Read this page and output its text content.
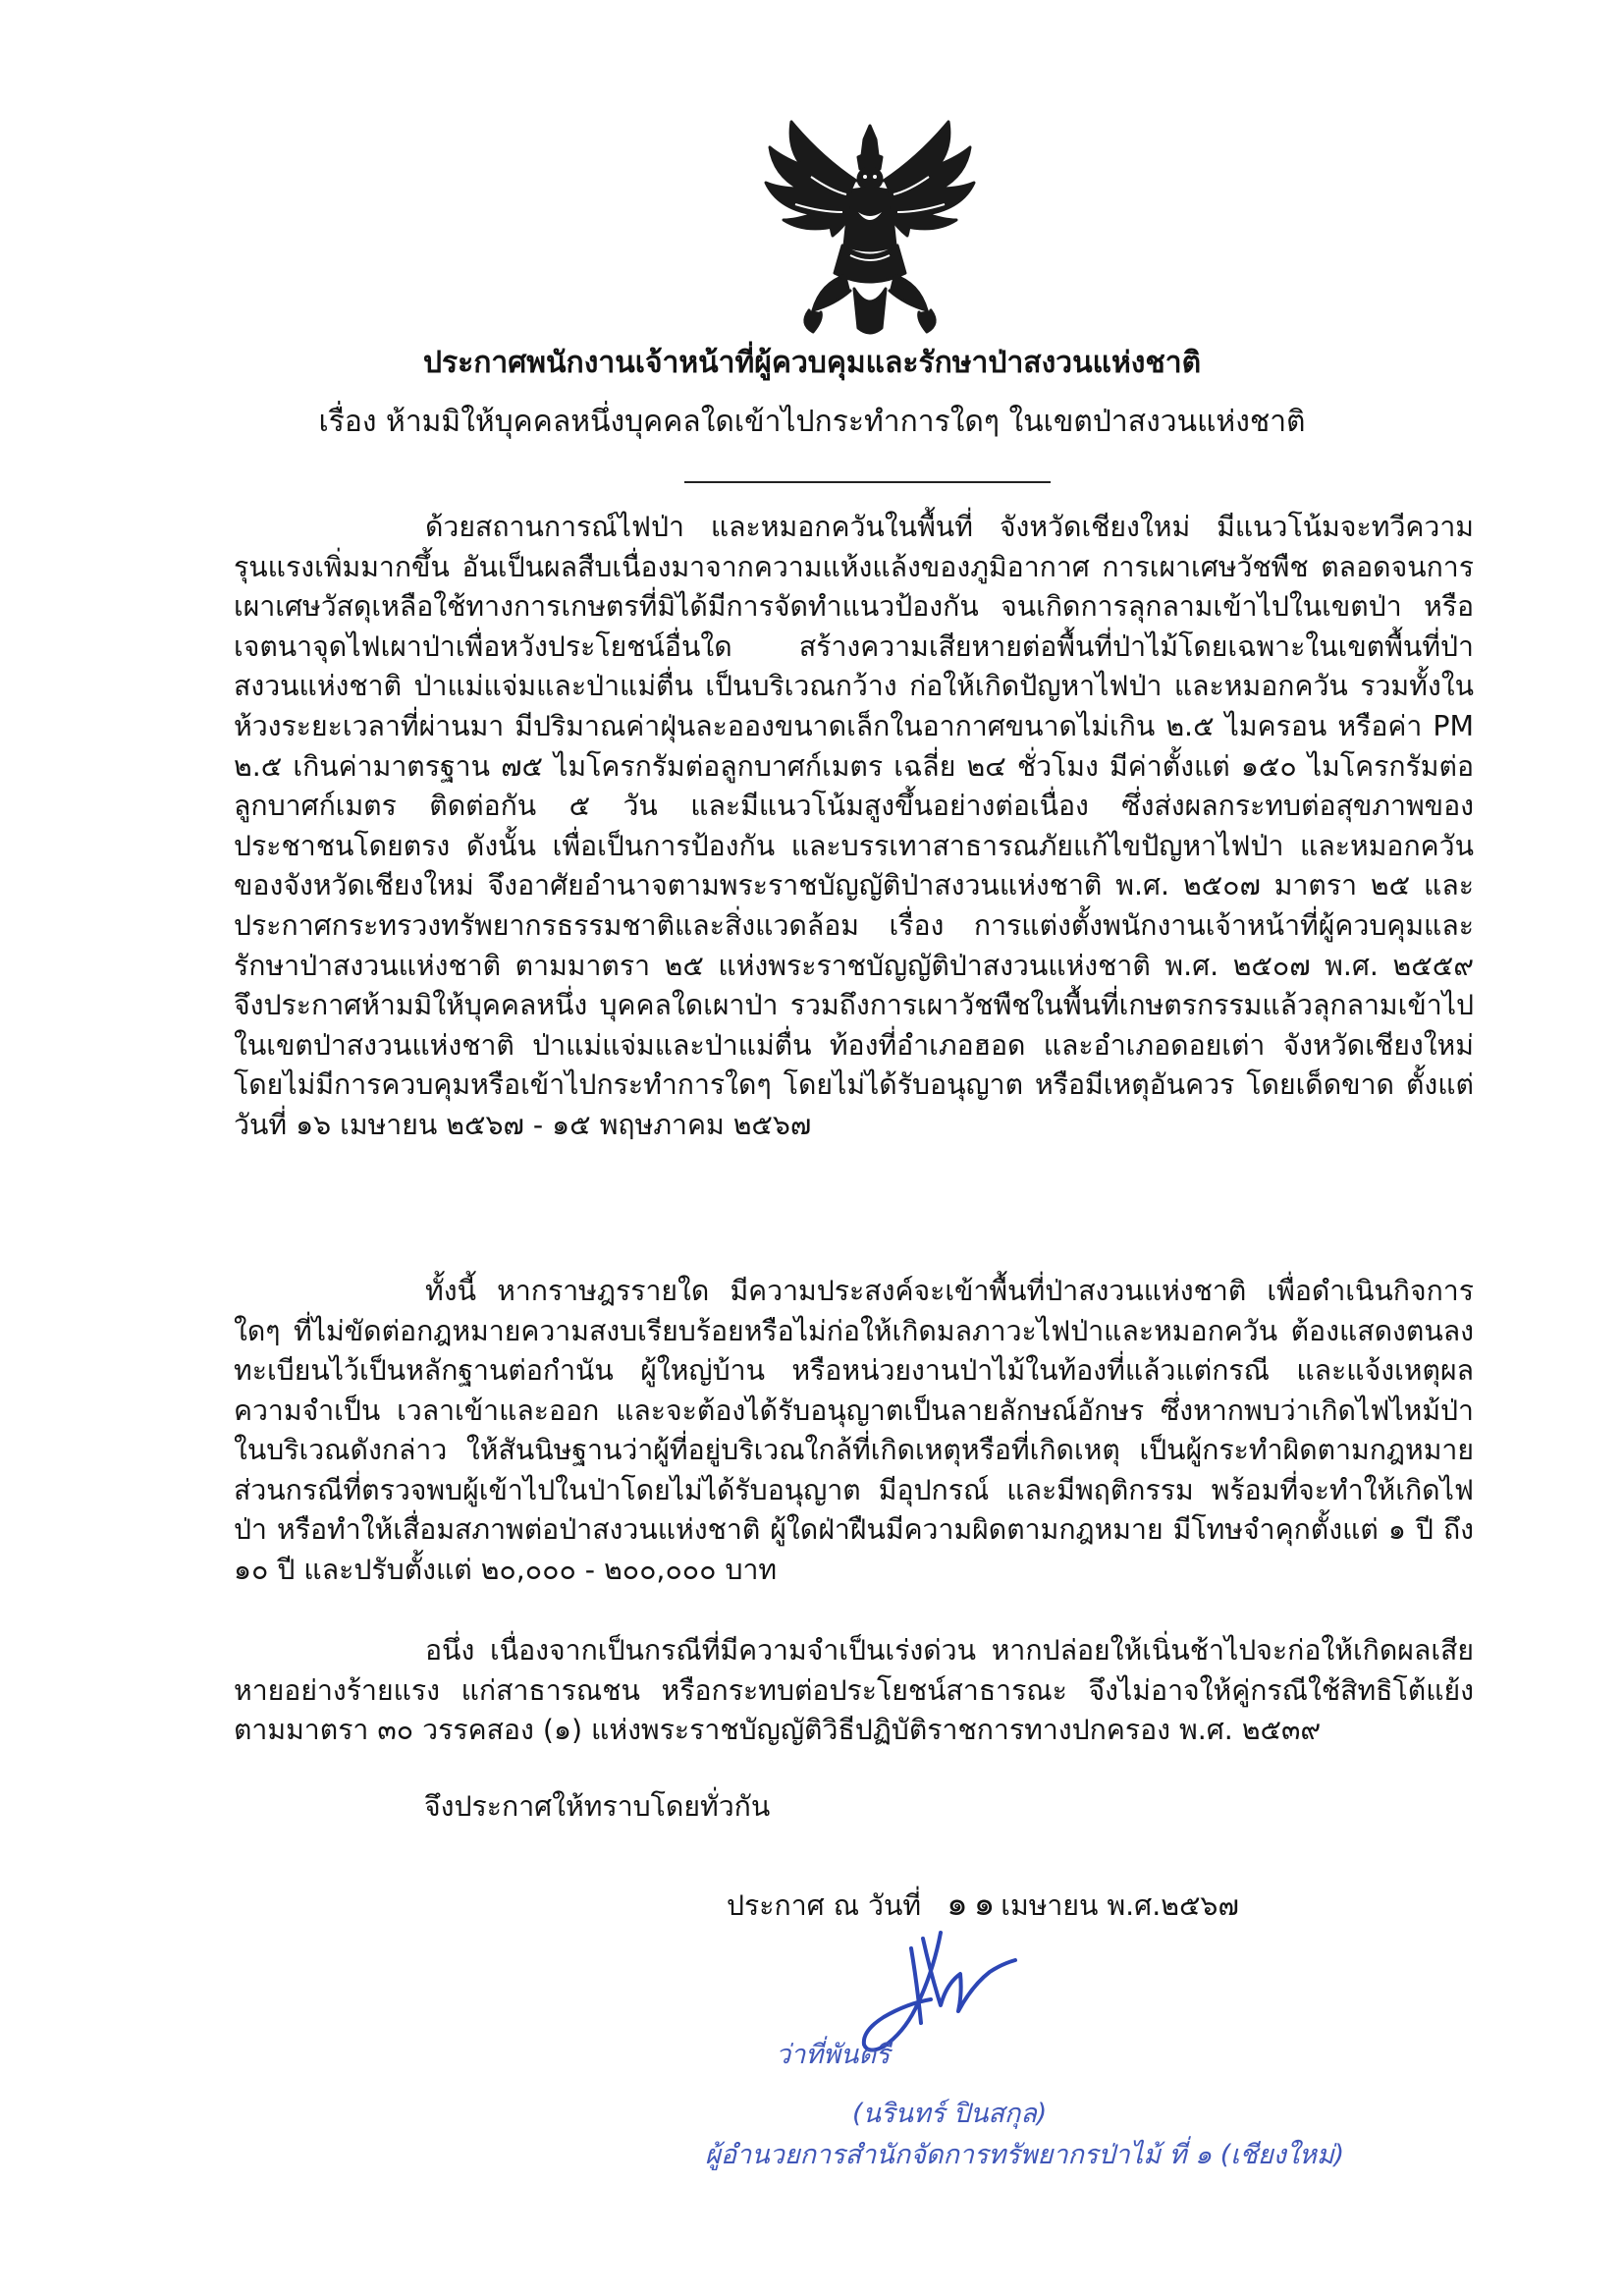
ประกาศพนักงานเจ้าหน้าที่ผู้ควบคุมและรักษาป่าสงวนแห่งชาติ
เรื่อง ห้ามมิให้บุคคลหนึ่งบุคคลใดเข้าไปกระทำการใดๆ ในเขตป่าสงวนแห่งชาติ

ด้วยสถานการณ์ไฟป่า และหมอกควันในพื้นที่ จังหวัดเชียงใหม่ มีแนวโน้มจะทวีความรุนแรงเพิ่มมากขึ้น อันเป็นผลสืบเนื่องมาจากความแห้งแล้งของภูมิอากาศ การเผาเศษวัชพืช ตลอดจนการเผาเศษวัสดุเหลือใช้ทางการเกษตรที่มิได้มีการจัดทำแนวป้องกัน จนเกิดการลุกลามเข้าไปในเขตป่า หรือเจตนาจุดไฟเผาป่าเพื่อหวังประโยชน์อื่นใด สร้างความเสียหายต่อพื้นที่ป่าไม้โดยเฉพาะในเขตพื้นที่ป่าสงวนแห่งชาติ ป่าแม่แจ่มและป่าแม่ตื่น เป็นบริเวณกว้าง ก่อให้เกิดปัญหาไฟป่า และหมอกควัน รวมทั้งในห้วงระยะเวลาที่ผ่านมา มีปริมาณค่าฝุ่นละอองขนาดเล็กในอากาศขนาดไม่เกิน ๒.๕ ไมครอน หรือค่า PM ๒.๕ เกินค่ามาตรฐาน ๗๕ ไมโครกรัมต่อลูกบาศก์เมตร เฉลี่ย ๒๔ ชั่วโมง มีค่าตั้งแต่ ๑๕๐ ไมโครกรัมต่อลูกบาศก์เมตร ติดต่อกัน ๕ วัน และมีแนวโน้มสูงขึ้นอย่างต่อเนื่อง ซึ่งส่งผลกระทบต่อสุขภาพของประชาชนโดยตรง ดังนั้น เพื่อเป็นการป้องกัน และบรรเทาสาธารณภัยแก้ไขปัญหาไฟป่า และหมอกควันของจังหวัดเชียงใหม่ จึงอาศัยอำนาจตามพระราชบัญญัติป่าสงวนแห่งชาติ พ.ศ. ๒๕๐๗ มาตรา ๒๕ และประกาศกระทรวงทรัพยากรธรรมชาติและสิ่งแวดล้อม เรื่อง การแต่งตั้งพนักงานเจ้าหน้าที่ผู้ควบคุมและรักษาป่าสงวนแห่งชาติ ตามมาตรา ๒๕ แห่งพระราชบัญญัติป่าสงวนแห่งชาติ พ.ศ. ๒๕๐๗ พ.ศ. ๒๕๕๙ จึงประกาศห้ามมิให้บุคคลหนึ่ง บุคคลใดเผาป่า รวมถึงการเผาวัชพืชในพื้นที่เกษตรกรรมแล้วลุกลามเข้าไปในเขตป่าสงวนแห่งชาติ ป่าแม่แจ่มและป่าแม่ตื่น ท้องที่อำเภอฮอด และอำเภอดอยเต่า จังหวัดเชียงใหม่ โดยไม่มีการควบคุมหรือเข้าไปกระทำการใดๆ โดยไม่ได้รับอนุญาต หรือมีเหตุอันควร โดยเด็ดขาด ตั้งแต่วันที่ ๑๖ เมษายน ๒๕๖๗ - ๑๕ พฤษภาคม ๒๕๖๗

ทั้งนี้ หากราษฎรรายใด มีความประสงค์จะเข้าพื้นที่ป่าสงวนแห่งชาติ เพื่อดำเนินกิจการใดๆ ที่ไม่ขัดต่อกฎหมายความสงบเรียบร้อยหรือไม่ก่อให้เกิดมลภาวะไฟป่าและหมอกควัน ต้องแสดงตนลงทะเบียนไว้เป็นหลักฐานต่อกำนัน ผู้ใหญ่บ้าน หรือหน่วยงานป่าไม้ในท้องที่แล้วแต่กรณี และแจ้งเหตุผลความจำเป็น เวลาเข้าและออก และจะต้องได้รับอนุญาตเป็นลายลักษณ์อักษร ซึ่งหากพบว่าเกิดไฟไหม้ป่าในบริเวณดังกล่าว ให้สันนิษฐานว่าผู้ที่อยู่บริเวณใกล้ที่เกิดเหตุหรือที่เกิดเหตุ เป็นผู้กระทำผิดตามกฎหมาย ส่วนกรณีที่ตรวจพบผู้เข้าไปในป่าโดยไม่ได้รับอนุญาต มีอุปกรณ์ และมีพฤติกรรม พร้อมที่จะทำให้เกิดไฟป่า หรือทำให้เสื่อมสภาพต่อป่าสงวนแห่งชาติ ผู้ใดฝ่าฝืนมีความผิดตามกฎหมาย มีโทษจำคุกตั้งแต่ ๑ ปี ถึง ๑๐ ปี และปรับตั้งแต่ ๒๐,๐๐๐ - ๒๐๐,๐๐๐ บาท

อนึ่ง เนื่องจากเป็นกรณีที่มีความจำเป็นเร่งด่วน หากปล่อยให้เนิ่นช้าไปจะก่อให้เกิดผลเสียหายอย่างร้ายแรง แก่สาธารณชน หรือกระทบต่อประโยชน์สาธารณะ จึงไม่อาจให้คู่กรณีใช้สิทธิโต้แย้งตามมาตรา ๓๐ วรรคสอง (๑) แห่งพระราชบัญญัติวิธีปฏิบัติราชการทางปกครอง พ.ศ. ๒๕๓๙

จึงประกาศให้ทราบโดยทั่วกัน
ประกาศ ณ วันที่ ๑๑เมษายน พ.ศ.๒๕๖๗
ว่าที่พันตรี
(นรินทร์ ปินสกุล)
ผู้อำนวยการสำนักจัดการทรัพยากรป่าไม้ ที่ ๑ (เชียงใหม่)
